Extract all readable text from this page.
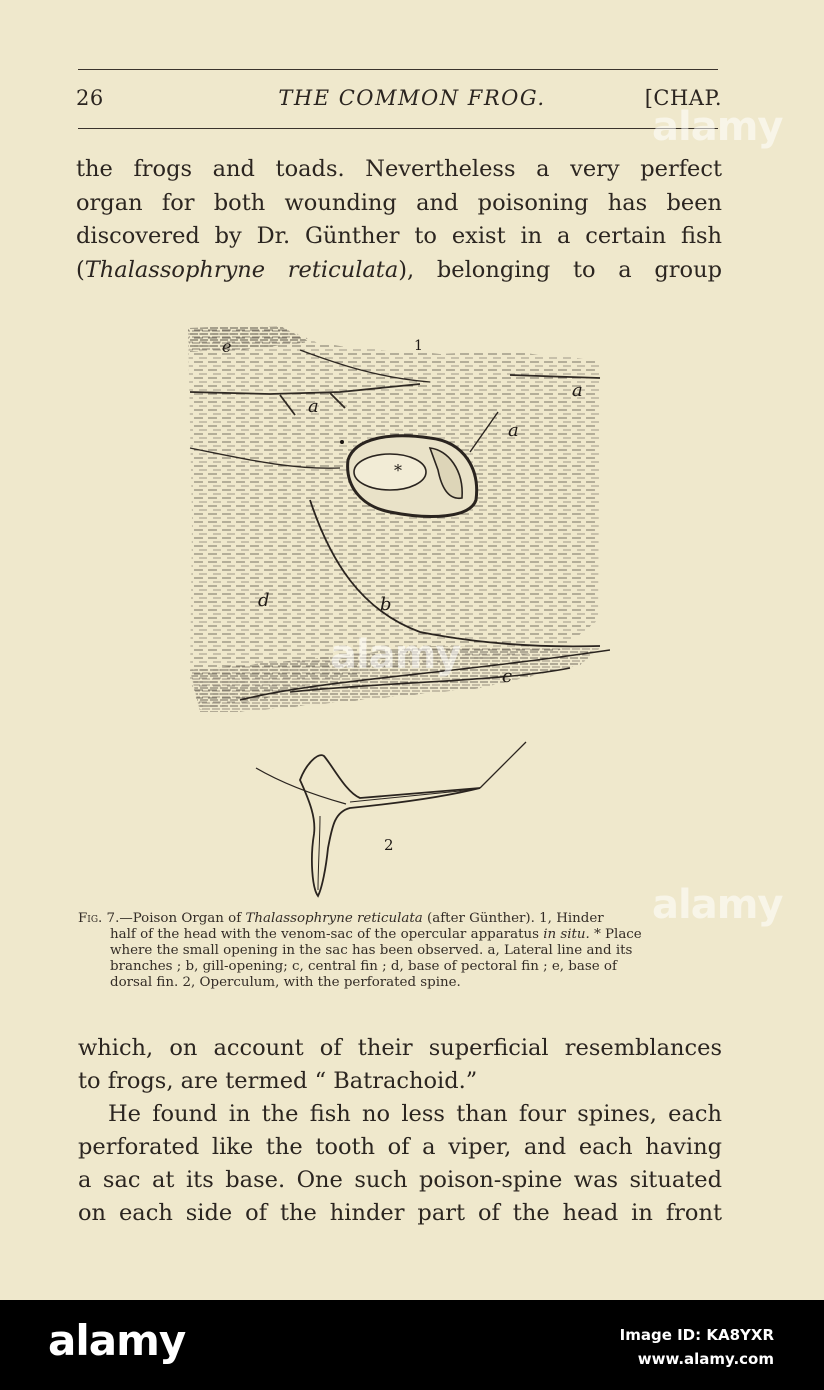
26	THE COMMON FROG.	[CHAP.
the frogs and toads. Nevertheless a very perfect
organ for both wounding and poisoning has been
discovered by Dr. Günther to exist in a certain fish
(Thalassophryne reticulata), belonging to a group
*
1
e
a
a
a
d	b
c
2
Fig. 7.—Poison Organ of Thalassophryne reticulata (after Günther). 1, Hinder
half of the head with the venom-sac of the opercular apparatus in situ. * Place
where the small opening in the sac has been observed. a, Lateral line and its
branches ; b, gill-opening; c, central fin ; d, base of pectoral fin ; e, base of
dorsal fin. 2, Operculum, with the perforated spine.
which, on account of their superficial resemblances
to frogs, are termed “ Batrachoid.”
He found in the fish no less than four spines, each
perforated like the tooth of a viper, and each having
a sac at its base. One such poison-spine was situated
on each side of the hinder part of the head in front
alamy
alamy
alamy
alamy	Image ID: KA8YXR
www.alamy.com
